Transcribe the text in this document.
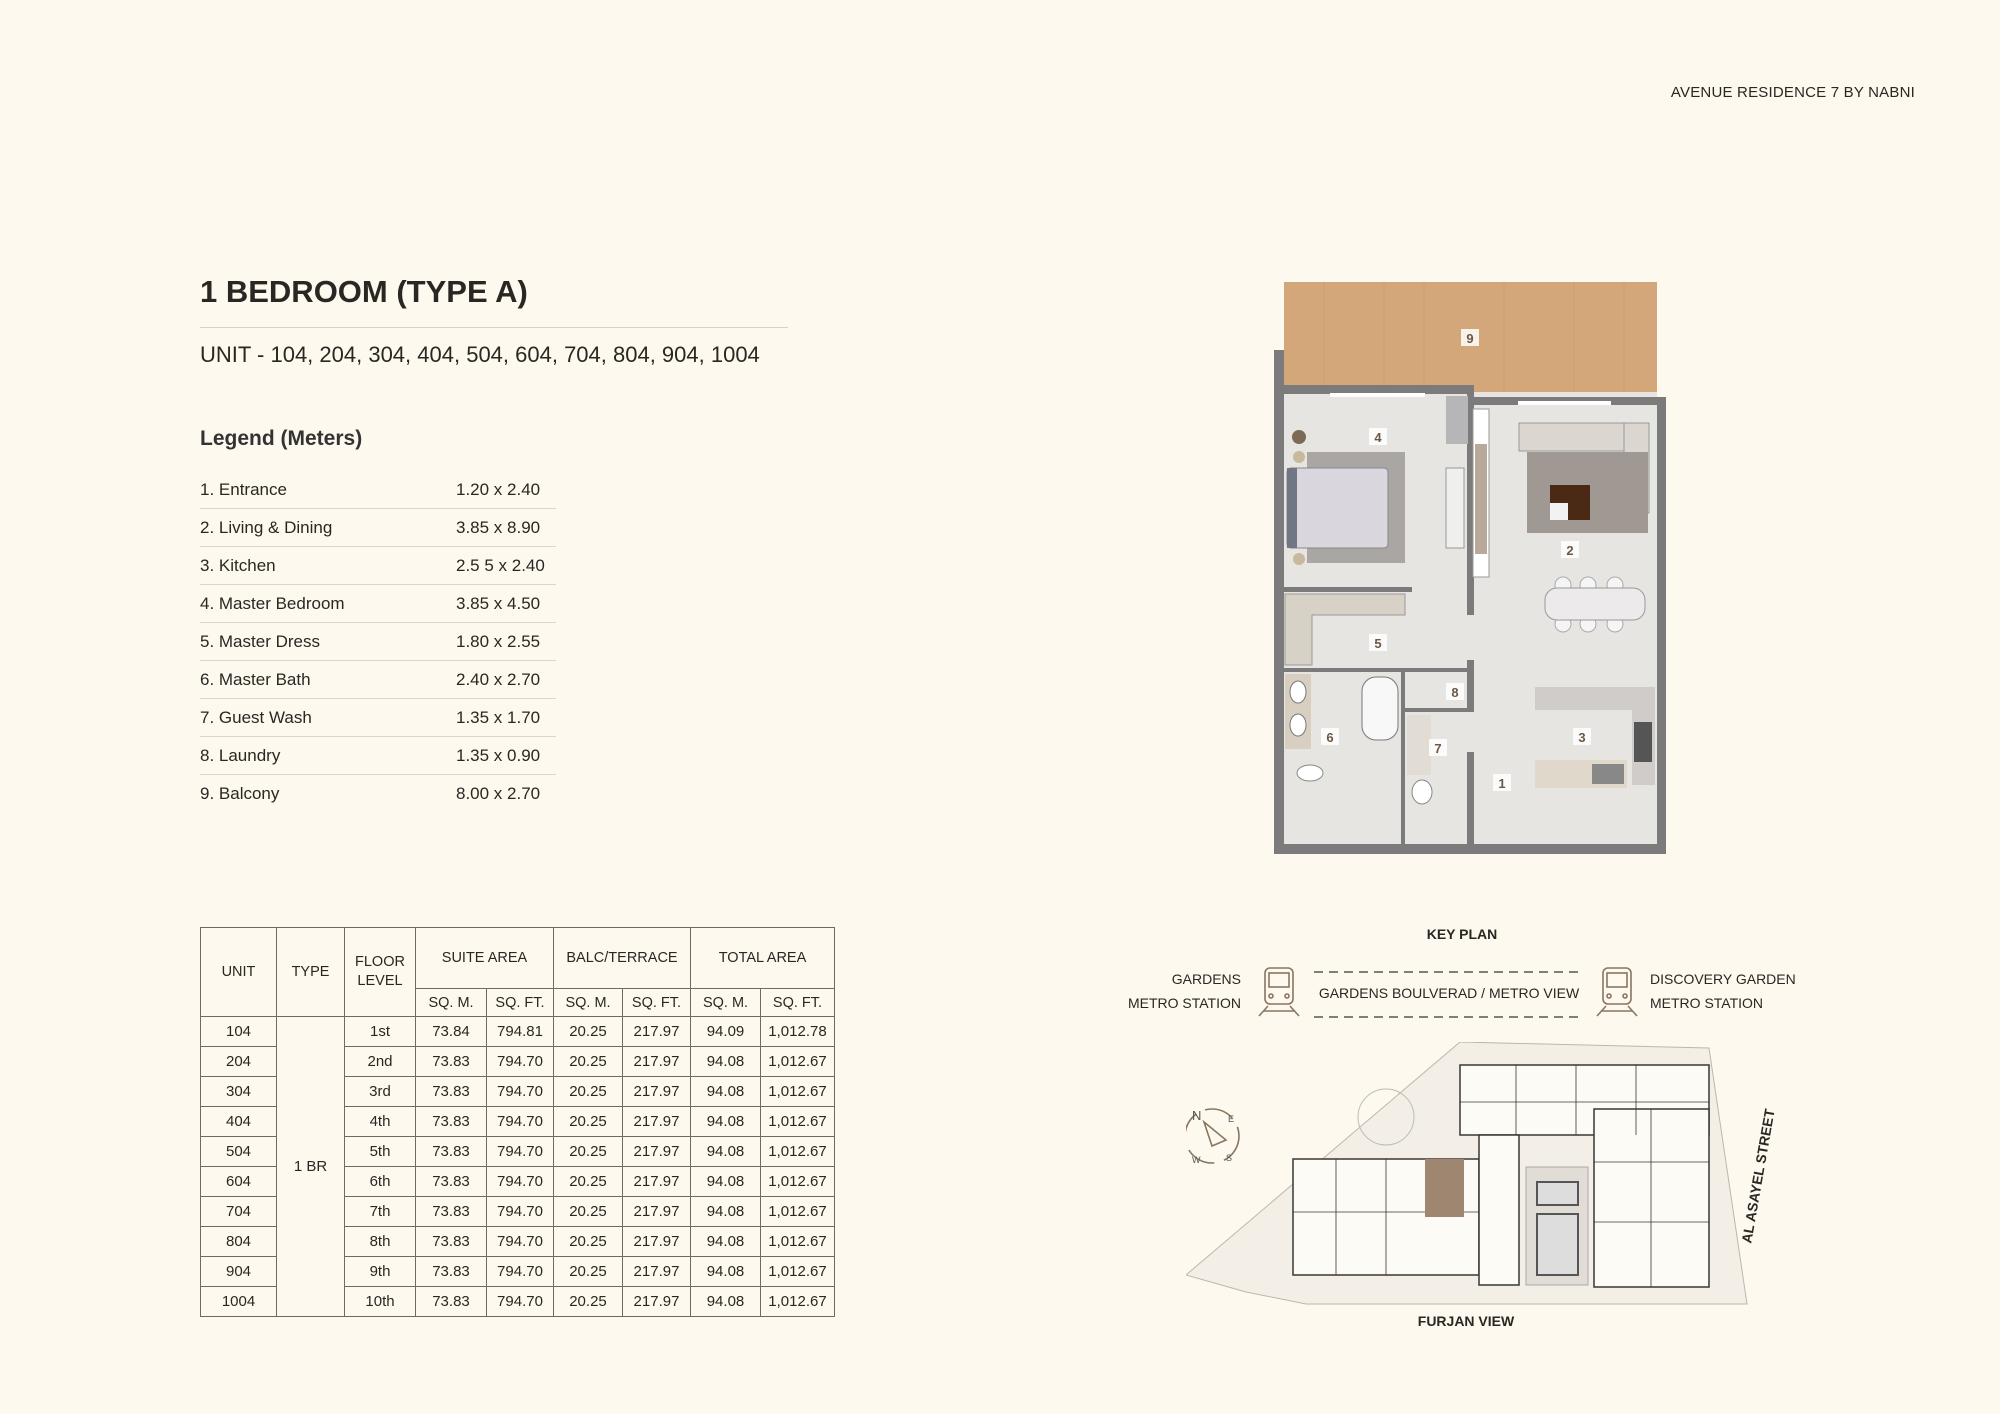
AVENUE RESIDENCE 7 BY NABNI
1 BEDROOM (TYPE A)
UNIT - 104, 204, 304, 404, 504, 604, 704, 804, 904, 1004
Legend (Meters)
1. Entrance	1.20 x 2.40
2. Living & Dining	3.85 x 8.90
3. Kitchen	2.5 5 x 2.40
4. Master Bedroom	3.85 x 4.50
5. Master Dress	1.80 x 2.55
6. Master Bath	2.40 x 2.70
7. Guest Wash	1.35 x 1.70
8. Laundry	1.35 x 0.90
9. Balcony	8.00 x 2.70
UNIT	TYPE	FLOOR LEVEL	SUITE AREA		BALC/TERRACE		TOTAL AREA	
			SQ. M.	SQ. FT.	SQ. M.	SQ. FT.	SQ. M.	SQ. FT.
104	1 BR	1st	73.84	794.81	20.25	217.97	94.09	1,012.78
204		2nd	73.83	794.70	20.25	217.97	94.08	1,012.67
304		3rd	73.83	794.70	20.25	217.97	94.08	1,012.67
404		4th	73.83	794.70	20.25	217.97	94.08	1,012.67
504		5th	73.83	794.70	20.25	217.97	94.08	1,012.67
604		6th	73.83	794.70	20.25	217.97	94.08	1,012.67
704		7th	73.83	794.70	20.25	217.97	94.08	1,012.67
804		8th	73.83	794.70	20.25	217.97	94.08	1,012.67
904		9th	73.83	794.70	20.25	217.97	94.08	1,012.67
1004		10th	73.83	794.70	20.25	217.97	94.08	1,012.67
1
2
3
4
5
6
7
8
9
KEY PLAN
GARDENS
METRO STATION
DISCOVERY GARDEN
METRO STATION
GARDENS BOULVERAD / METRO VIEW
N	E
S
W	AL ASAYEL STREET
FURJAN VIEW
